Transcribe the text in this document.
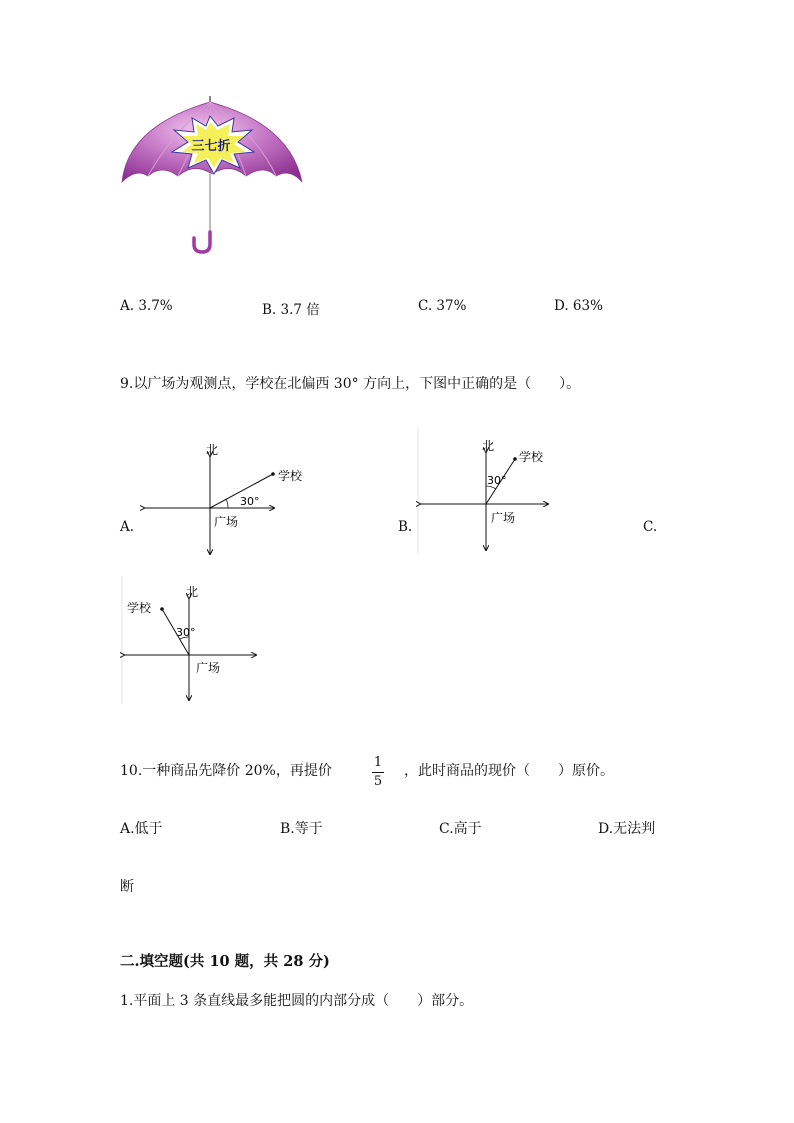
三七折
A. 3.7%	B. 3.7 倍	C. 37%	D. 63%
9.以广场为观测点，学校在北偏西 30° 方向上，下图中正确的是（　　）。
A.	B.	C.
北
学校
30°
广场
北
学校
30°
广场
北
学校
30°
广场
10.一种商品先降价 20%，再提价
1
5
，此时商品的现价（　　）原价。
A.低于	B.等于	C.高于	D.无法判
断
二.填空题(共 10 题，共 28 分)
1.平面上 3 条直线最多能把圆的内部分成（　　）部分。
